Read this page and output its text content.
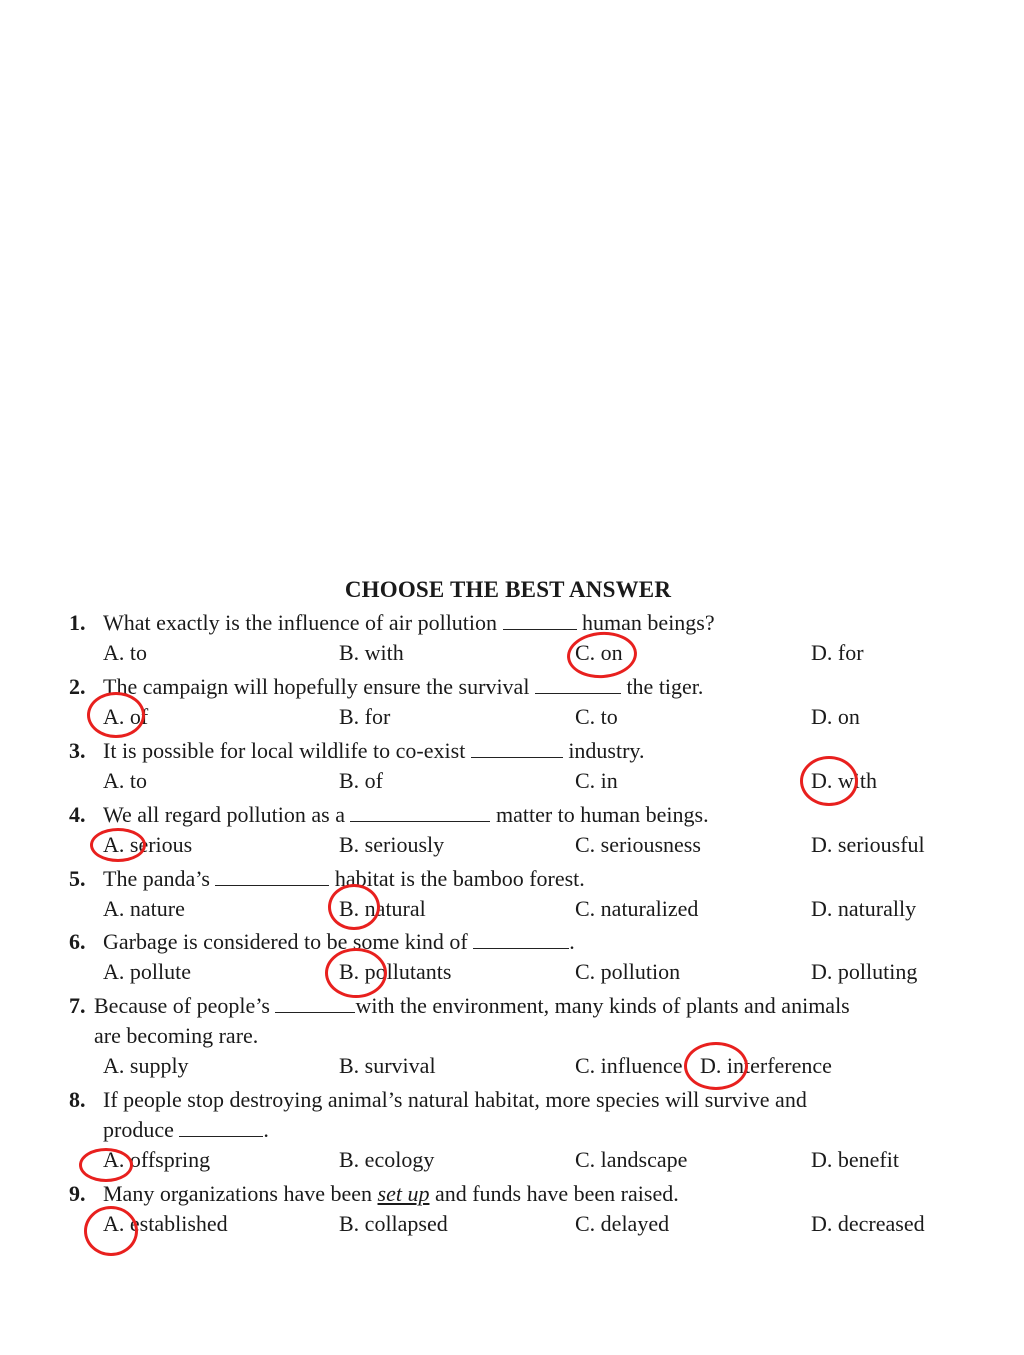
CHOOSE THE BEST ANSWER
1. What exactly is the influence of air pollution	human beings?
A. to	B. with	C. on	D. for
2. The campaign will hopefully ensure the survival	the tiger.
A. of	B. for	C. to	D. on
3. It is possible for local wildlife to co-exist	industry.
A. to	B. of	C. in	D. with
4. We all regard pollution as a	matter to human beings.
A. serious	B. seriously	C. seriousness	D. seriousful
5. The panda’s	habitat is the bamboo forest.
A. nature	B. natural	C. naturalized	D. naturally
6. Garbage is considered to be some kind of	.
A. pollute	B. pollutants	C. pollution	D. polluting
7. Because of people’s	with the environment, many kinds of plants and animals
are becoming rare.
A. supply	B. survival	C. influence D. interference
8. If people stop destroying animal’s natural habitat, more species will survive and
produce	.
A. offspring	B. ecology	C. landscape	D. benefit
9. Many organizations have been set up and funds have been raised.
A. established	B. collapsed	C. delayed	D. decreased
